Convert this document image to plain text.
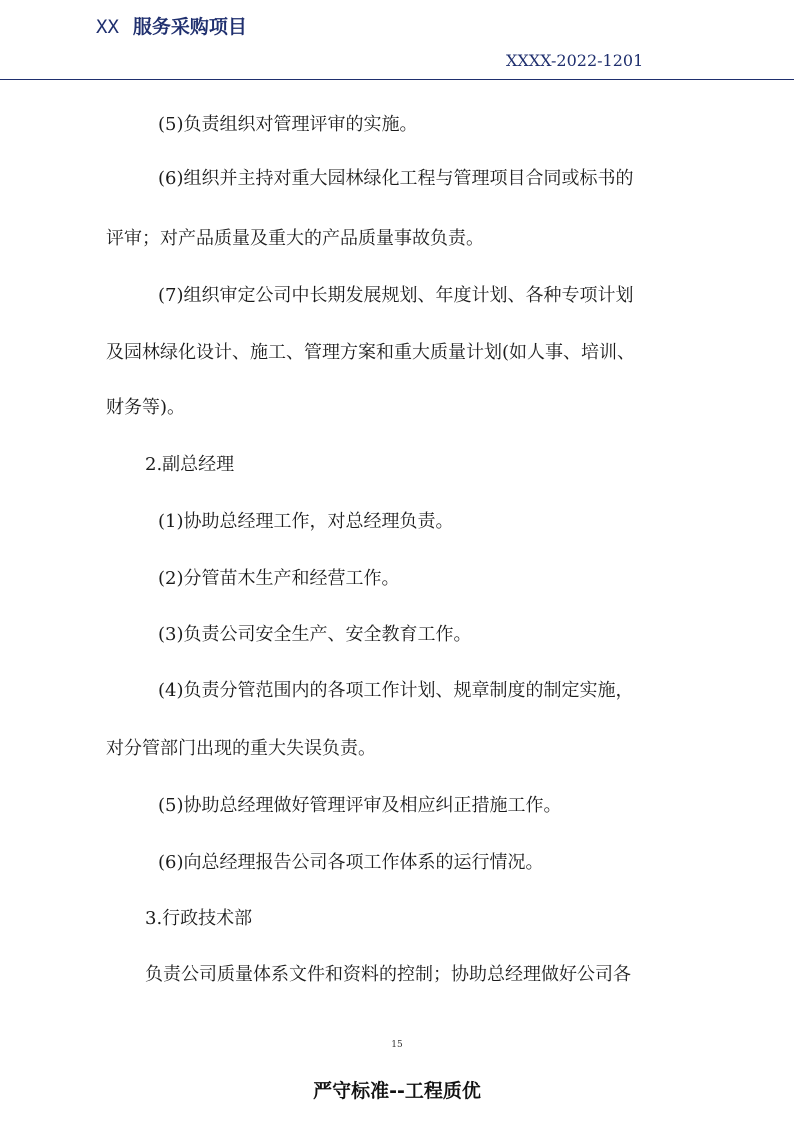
XX 服务采购项目
XXXX-2022-1201
(5)负责组织对管理评审的实施。
(6)组织并主持对重大园林绿化工程与管理项目合同或标书的
评审；对产品质量及重大的产品质量事故负责。
(7)组织审定公司中长期发展规划、年度计划、各种专项计划
及园林绿化设计、施工、管理方案和重大质量计划(如人事、培训、
财务等)。
2.副总经理
(1)协助总经理工作，对总经理负责。
(2)分管苗木生产和经营工作。
(3)负责公司安全生产、安全教育工作。
(4)负责分管范围内的各项工作计划、规章制度的制定实施，
对分管部门出现的重大失误负责。
(5)协助总经理做好管理评审及相应纠正措施工作。
(6)向总经理报告公司各项工作体系的运行情况。
3.行政技术部
负责公司质量体系文件和资料的控制；协助总经理做好公司各
15
严守标准--工程质优
